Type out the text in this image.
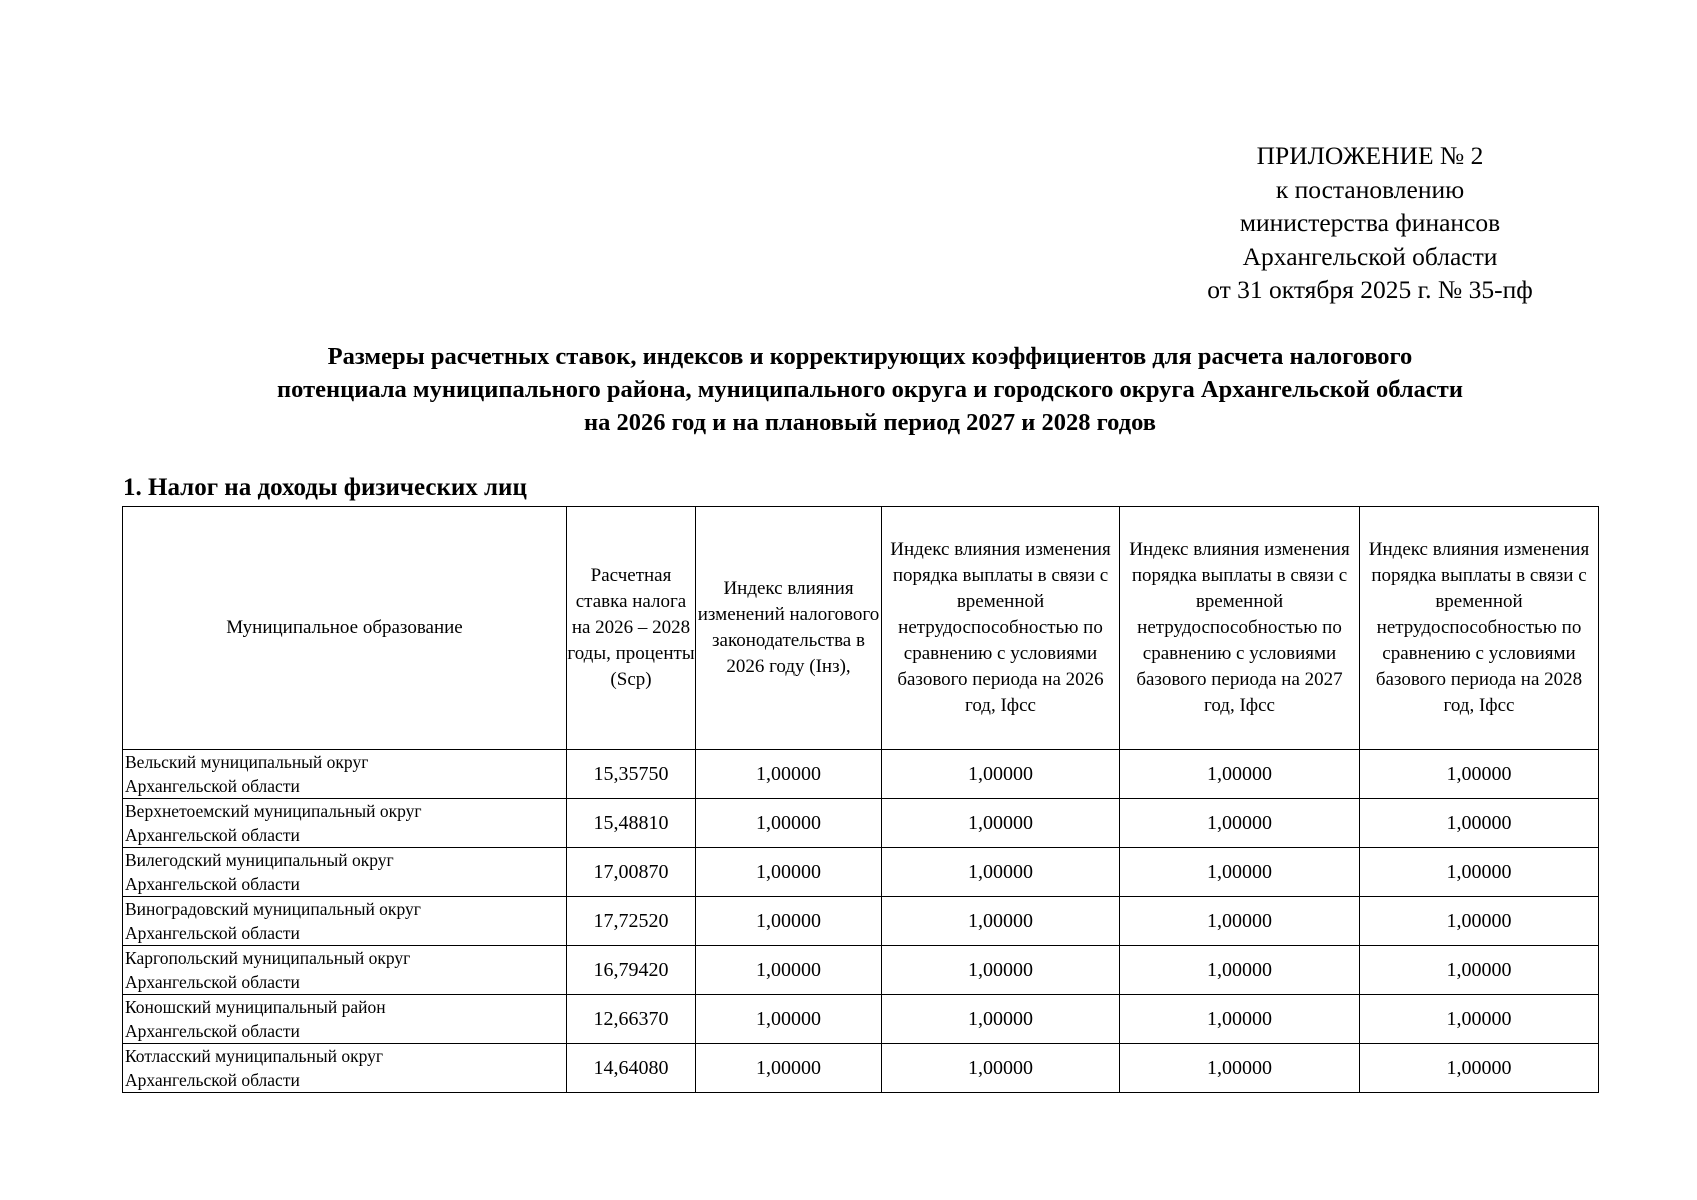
ПРИЛОЖЕНИЕ № 2
к постановлению
министерства финансов
Архангельской области
от 31 октября 2025 г. № 35-пф
Размеры расчетных ставок, индексов и корректирующих коэффициентов для расчета налогового
потенциала муниципального района, муниципального округа и городского округа Архангельской области
на 2026 год и на плановый период 2027 и 2028 годов
1. Налог на доходы физических лиц
Муниципальное образование	Расчетная ставка налога на 2026 – 2028 годы, проценты (Sср)	Индекс влияния изменений налогового законодательства в 2026 году (Iнз),	Индекс влияния изменения порядка выплаты в связи с временной нетрудоспособностью по сравнению с условиями базового периода на 2026 год, Iфсс	Индекс влияния изменения порядка выплаты в связи с временной нетрудоспособностью по сравнению с условиями базового периода на 2027 год, Iфсс	Индекс влияния изменения порядка выплаты в связи с временной нетрудоспособностью по сравнению с условиями базового периода на 2028 год, Iфсс

Вельский муниципальный округ
Архангельской области	15,35750	1,00000	1,00000	1,00000	1,00000

Верхнетоемский муниципальный округ
Архангельской области	15,48810	1,00000	1,00000	1,00000	1,00000

Вилегодский муниципальный округ
Архангельской области	17,00870	1,00000	1,00000	1,00000	1,00000

Виноградовский муниципальный округ
Архангельской области	17,72520	1,00000	1,00000	1,00000	1,00000

Каргопольский муниципальный округ
Архангельской области	16,79420	1,00000	1,00000	1,00000	1,00000

Коношский муниципальный район
Архангельской области	12,66370	1,00000	1,00000	1,00000	1,00000

Котласский муниципальный округ
Архангельской области	14,64080	1,00000	1,00000	1,00000	1,00000
